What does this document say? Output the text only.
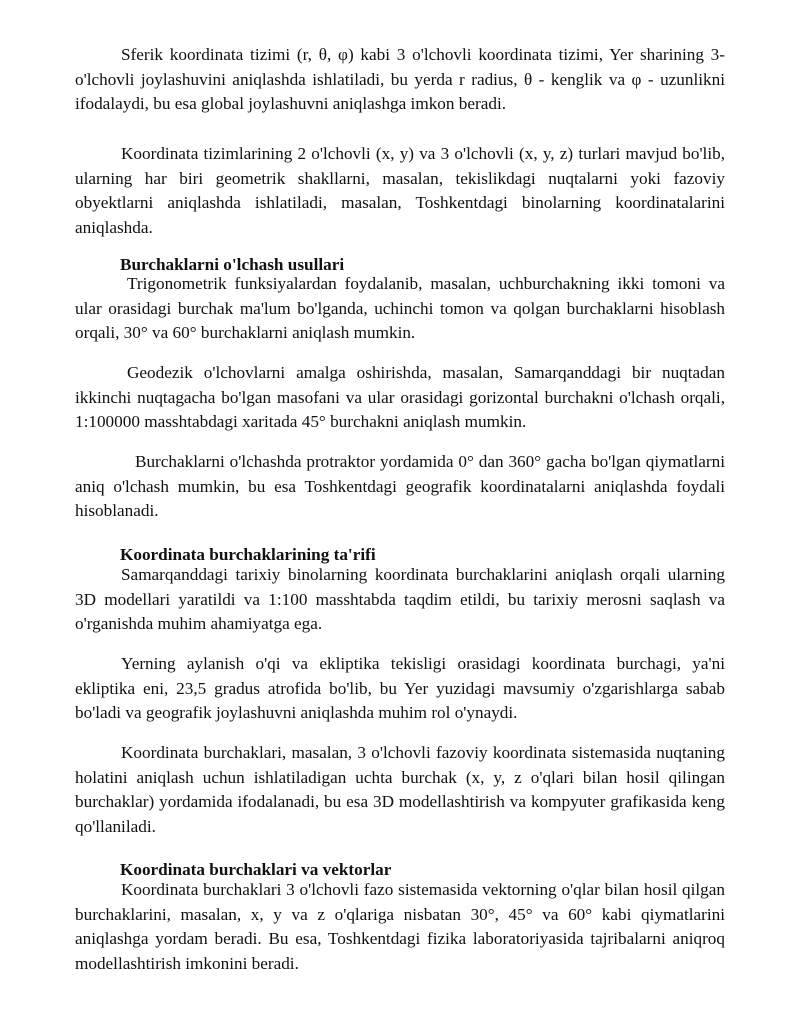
Sferik koordinata tizimi (r, θ, φ) kabi 3 o'lchovli koordinata tizimi, Yer sharining 3-o'lchovli joylashuvini aniqlashda ishlatiladi, bu yerda r radius, θ - kenglik va φ - uzunlikni ifodalaydi, bu esa global joylashuvni aniqlashga imkon beradi.

Koordinata tizimlarining 2 o'lchovli (x, y) va 3 o'lchovli (x, y, z) turlari mavjud bo'lib, ularning har biri geometrik shakllarni, masalan, tekislikdagi nuqtalarni yoki fazoviy obyektlarni aniqlashda ishlatiladi, masalan, Toshkentdagi binolarning koordinatalarini aniqlashda.

Burchaklarni o'lchash usullari

Trigonometrik funksiyalardan foydalanib, masalan, uchburchakning ikki tomoni va ular orasidagi burchak ma'lum bo'lganda, uchinchi tomon va qolgan burchaklarni hisoblash orqali, 30° va 60° burchaklarni aniqlash mumkin.

Geodezik o'lchovlarni amalga oshirishda, masalan, Samarqanddagi bir nuqtadan ikkinchi nuqtagacha bo'lgan masofani va ular orasidagi gorizontal burchakni o'lchash orqali, 1:100000 masshtabdagi xaritada 45° burchakni aniqlash mumkin.

Burchaklarni o'lchashda protraktor yordamida 0° dan 360° gacha bo'lgan qiymatlarni aniq o'lchash mumkin, bu esa Toshkentdagi geografik koordinatalarni aniqlashda foydali hisoblanadi.

Koordinata burchaklarining ta'rifi

Samarqanddagi tarixiy binolarning koordinata burchaklarini aniqlash orqali ularning 3D modellari yaratildi va 1:100 masshtabda taqdim etildi, bu tarixiy merosni saqlash va o'rganishda muhim ahamiyatga ega.

Yerning aylanish o'qi va ekliptika tekisligi orasidagi koordinata burchagi, ya'ni ekliptika eni, 23,5 gradus atrofida bo'lib, bu Yer yuzidagi mavsumiy o'zgarishlarga sabab bo'ladi va geografik joylashuvni aniqlashda muhim rol o'ynaydi.

Koordinata burchaklari, masalan, 3 o'lchovli fazoviy koordinata sistemasida nuqtaning holatini aniqlash uchun ishlatiladigan uchta burchak (x, y, z o'qlari bilan hosil qilingan burchaklar) yordamida ifodalanadi, bu esa 3D modellashtirish va kompyuter grafikasida keng qo'llaniladi.

Koordinata burchaklari va vektorlar

Koordinata burchaklari 3 o'lchovli fazo sistemasida vektorning o'qlar bilan hosil qilgan burchaklarini, masalan, x, y va z o'qlariga nisbatan 30°, 45° va 60° kabi qiymatlarini aniqlashga yordam beradi. Bu esa, Toshkentdagi fizika laboratoriyasida tajribalarni aniqroq modellashtirish imkonini beradi.
